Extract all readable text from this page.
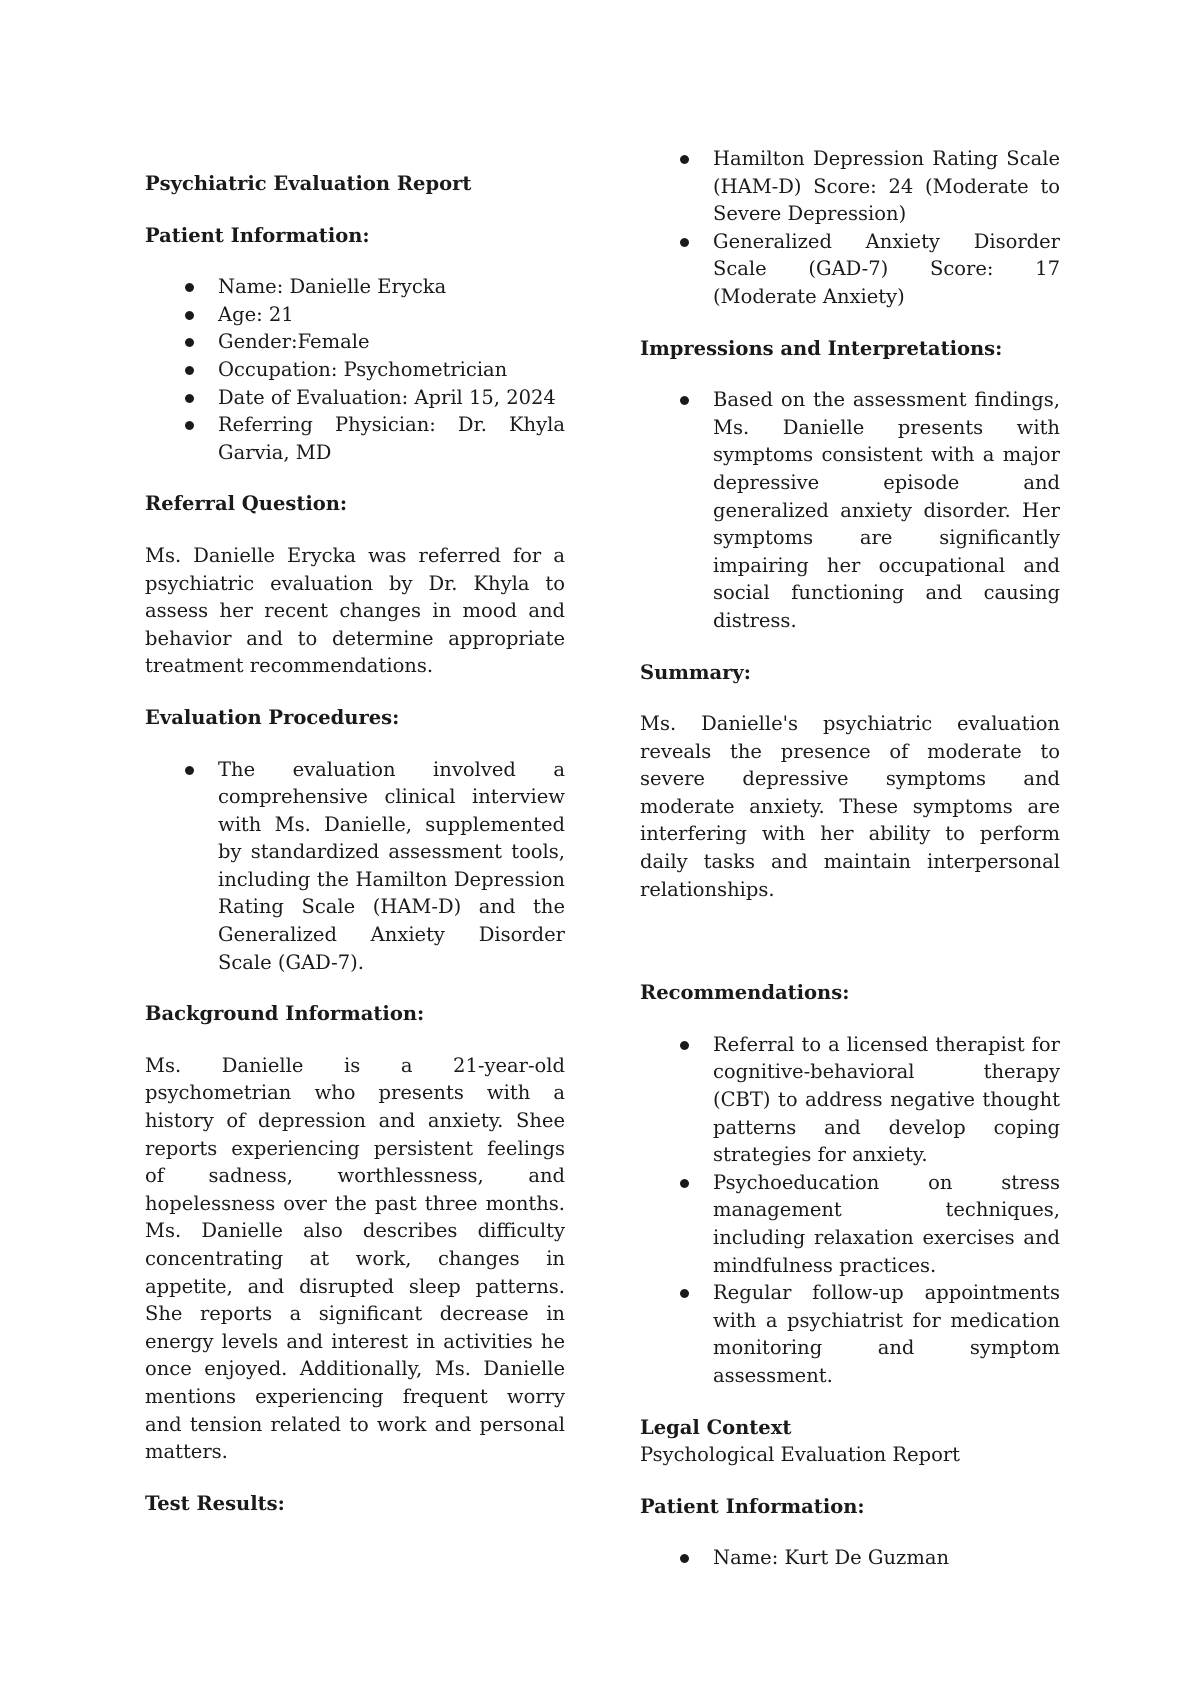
Psychiatric Evaluation Report
Patient Information:
Name: Danielle Erycka
Age: 21
Gender:Female
Occupation: Psychometrician
Date of Evaluation: April 15, 2024
Referring Physician: Dr. Khyla Garvia, MD
Referral Question:
Ms. Danielle Erycka was referred for a psychiatric evaluation by Dr. Khyla to assess her recent changes in mood and behavior and to determine appropriate treatment recommendations.
Evaluation Procedures:
The evaluation involved a comprehensive clinical interview with Ms. Danielle, supplemented by standardized assessment tools, including the Hamilton Depression Rating Scale (HAM-D) and the Generalized Anxiety Disorder Scale (GAD-7).
Background Information:
Ms. Danielle is a 21-year-old psychometrian who presents with a history of depression and anxiety. Shee reports experiencing persistent feelings of sadness, worthlessness, and hopelessness over the past three months. Ms. Danielle also describes difficulty concentrating at work, changes in appetite, and disrupted sleep patterns. She reports a significant decrease in energy levels and interest in activities he once enjoyed. Additionally, Ms. Danielle mentions experiencing frequent worry and tension related to work and personal matters.
Test Results:
Hamilton Depression Rating Scale (HAM-D) Score: 24 (Moderate to Severe Depression)
Generalized Anxiety Disorder Scale (GAD-7) Score: 17 (Moderate Anxiety)
Impressions and Interpretations:
Based on the assessment findings, Ms. Danielle presents with symptoms consistent with a major depressive episode and generalized anxiety disorder. Her symptoms are significantly impairing her occupational and social functioning and causing distress.
Summary:
Ms. Danielle's psychiatric evaluation reveals the presence of moderate to severe depressive symptoms and moderate anxiety. These symptoms are interfering with her ability to perform daily tasks and maintain interpersonal relationships.
Recommendations:
Referral to a licensed therapist for cognitive-behavioral therapy (CBT) to address negative thought patterns and develop coping strategies for anxiety.
Psychoeducation on stress management techniques, including relaxation exercises and mindfulness practices.
Regular follow-up appointments with a psychiatrist for medication monitoring and symptom assessment.
Legal Context
Psychological Evaluation Report
Patient Information:
Name: Kurt De Guzman
